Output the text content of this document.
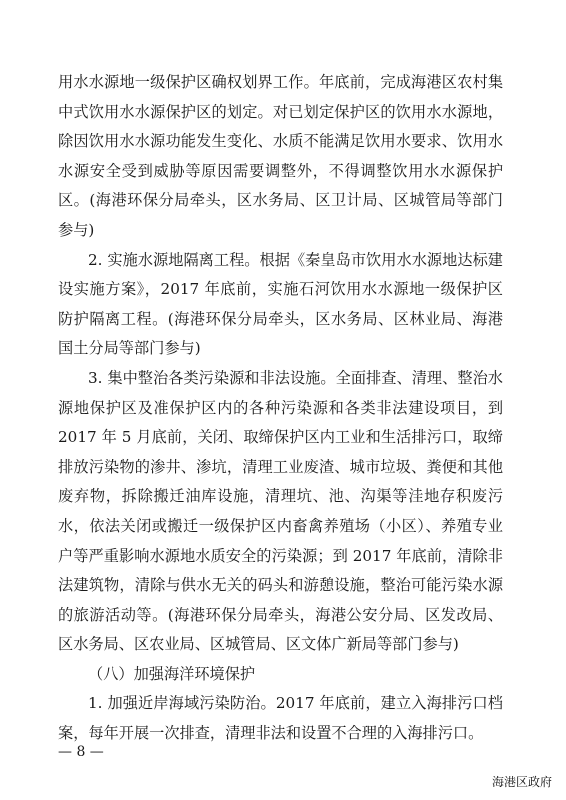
用水水源地一级保护区确权划界工作。年底前，完成海港区农村集中式饮用水水源保护区的划定。对已划定保护区的饮用水水源地，除因饮用水水源功能发生变化、水质不能满足饮用水要求、饮用水水源安全受到威胁等原因需要调整外，不得调整饮用水水源保护区。(海港环保分局牵头，区水务局、区卫计局、区城管局等部门参与)

2. 实施水源地隔离工程。根据《秦皇岛市饮用水水源地达标建设实施方案》，2017 年底前，实施石河饮用水水源地一级保护区防护隔离工程。(海港环保分局牵头，区水务局、区林业局、海港国土分局等部门参与)

3. 集中整治各类污染源和非法设施。全面排查、清理、整治水源地保护区及准保护区内的各种污染源和各类非法建设项目，到 2017 年 5 月底前，关闭、取缔保护区内工业和生活排污口，取缔排放污染物的渗井、渗坑，清理工业废渣、城市垃圾、粪便和其他废弃物，拆除搬迁油库设施，清理坑、池、沟渠等洼地存积废污水，依法关闭或搬迁一级保护区内畜禽养殖场（小区）、养殖专业户等严重影响水源地水质安全的污染源；到 2017 年底前，清除非法建筑物，清除与供水无关的码头和游憩设施，整治可能污染水源的旅游活动等。(海港环保分局牵头，海港公安分局、区发改局、区水务局、区农业局、区城管局、区文体广新局等部门参与)

（八）加强海洋环境保护

1. 加强近岸海域污染防治。2017 年底前，建立入海排污口档案，每年开展一次排查，清理非法和设置不合理的入海排污口。

— 8 —
海港区政府
